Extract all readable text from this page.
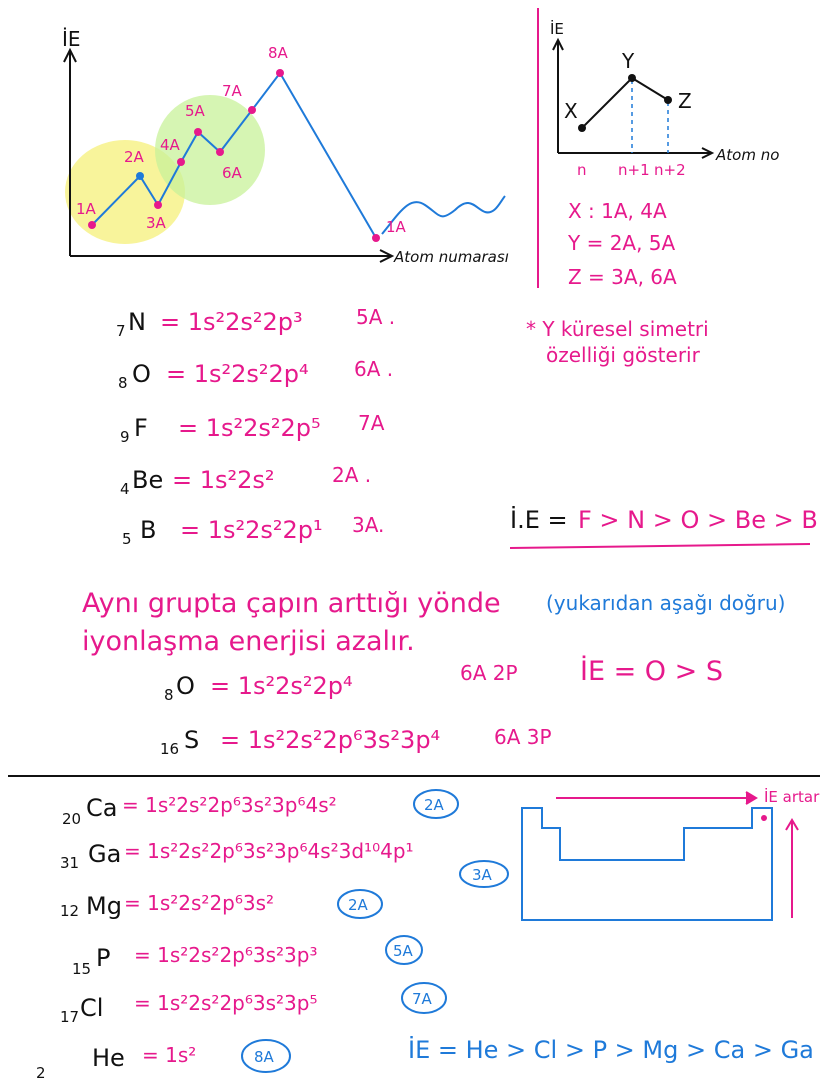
İE
Atom numarası
1A
2A
3A
4A
5A
6A
7A
8A
1A
İE
Atom no
X
Y
Z
n n+1 n+2
X : 1A, 4A
Y = 2A, 5A
Z = 3A, 6A
* Y küresel simetri
özelliği gösterir
7 N = 1s²2s²2p³	5A .
8 O = 1s²2s²2p⁴ 6A .
9 F = 1s²2s²2p⁵ 7A
4 Be = 1s²2s²	2A .
5 B = 1s²2s²2p¹ 3A.	İ.E = F > N > O > Be > B
Aynı grupta çapın arttığı yönde (yukarıdan aşağı doğru)
iyonlaşma enerjisi azalır.
8 O = 1s²2s²2p⁴	6A 2P İE = O > S
16 S = 1s²2s²2p⁶3s²3p⁴	6A 3P
20 Ca = 1s²2s²2p⁶3s²3p⁶4s²	2A
31 Ga = 1s²2s²2p⁶3s²3p⁶4s²3d¹⁰4p¹
3A
12 Mg = 1s²2s²2p⁶3s²	2A
15 P = 1s²2s²2p⁶3s²3p³	5A
17 Cl = 1s²2s²2p⁶3s²3p⁵	7A
2
He = 1s²	8A
İE artar
İE = He > Cl > P > Mg > Ca > Ga
